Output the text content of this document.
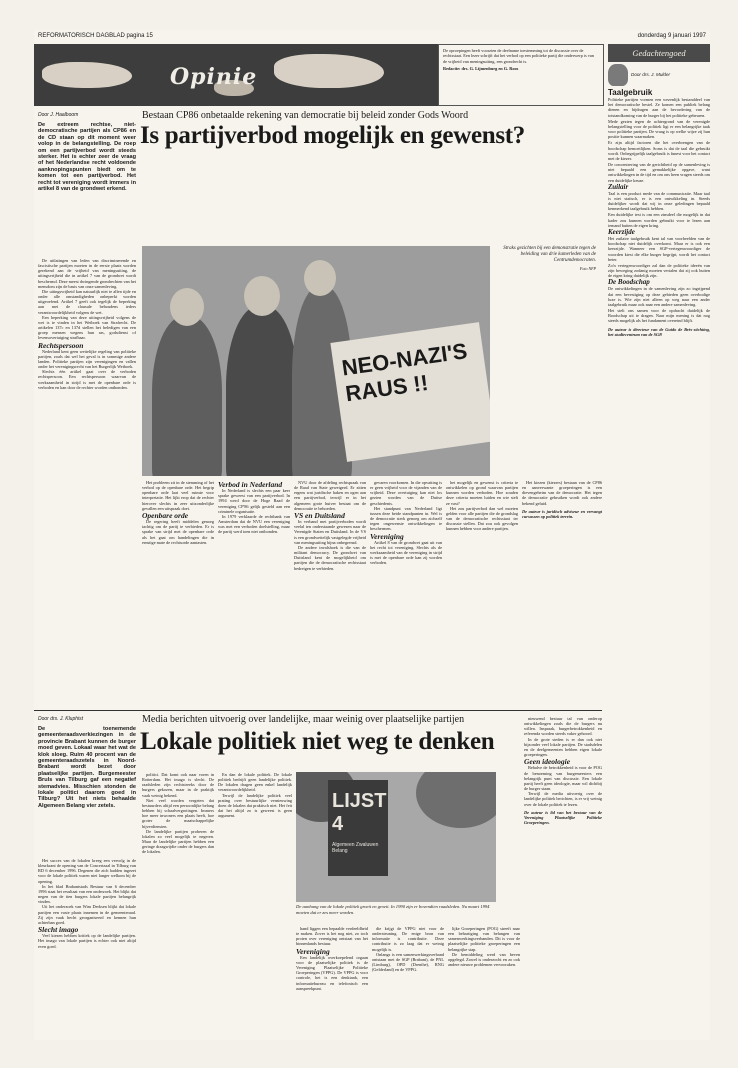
REFORMATORISCH DAGBLAD pagina 15	donderdag 9 januari 1997
Opinie
De oproepingen heeft voorzien de deelname toestemming tot de discussie over de rechtsstaat. Een lezer schrijft dat het verbod op een politieke partij die onderwerp is van de vrijheid van meningsuiting, een grondrecht is.
Redactie: drs. G. Lijmenburg en G. Roos
Gedachtengoed
Door J. Haalboom	Bestaan CP86 onbetaalde rekening van democratie bij beleid zonder Gods Woord
Is partijverbod mogelijk en gewenst?
De extreem rechtse, niet-democratische partijen als CP86 en de CD staan op dit moment weer volop in de belangstelling. De roep om een partijverbod wordt steeds sterker. Het is echter zeer de vraag of het Nederlandse recht voldoende aanknopingspunten biedt om te komen tot een partijverbod. Het recht tot vereniging wordt immers in artikel 8 van de grondwet erkend.

De uitlatingen van leden van discriminerende en fascistische partijen moeten in de eerste plaats worden gerekend aan de vrijheid van meningsuiting, de uitingsvrijheid die in artikel 7 van de grondwet wordt beschermd. Deze meest dwingende grondrechten van het mensdom zijn de basis van onze samenleving.

Die uitingsvrijheid kan natuurlijk niet te allen tijde en onder alle omstandigheden onbeperkt worden uitgeoefend. Artikel 7 geeft ook tegelijk de beperking aan met de clausule behoudens ieders verantwoordelijkheid volgens de wet.

Een beperking van deze uitingsvrijheid volgens de wet is te vinden in het Wetboek van Strafrecht. De artikelen 137c en 137d stellen het beledigen van een groep mensen wegens hun ras, godsdienst of levensovertuiging strafbaar.

Rechtspersoon

Nederland kent geen wettelijke regeling van politieke partijen, zoals dat wel het geval is in sommige andere landen. Politieke partijen zijn verenigingen en vallen onder het verenigingsrecht van het Burgerlijk Wetboek.

Slechts één artikel gaat over de verboden rechtspersoon. Een rechtspersoon waarvan de werkzaamheid in strijd is met de openbare orde is verboden en kan door de rechter worden ontbonden.

NEO-NAZI'S RAUS !!
Straks gezichten bij een demonstratie tegen de beleiding van drie kamerleden van de Centrumdemocraten.
Foto NFP

Het probleem zit in de stemming of het verbod op de openbare orde. Het begrip openbare orde laat veel ruimte voor interpretatie. Het lijkt erop dat de rechter hierover slechts in zeer uitzonderlijke gevallen een uitspraak doet.

Openbare orde

De regering heeft middelen genoeg tachtig om de partij te verbieden. Er is sprake van strijd met de openbare orde als het gaat om handelingen die in ernstige mate de rechtsorde aantasten.

Verbod in Nederland

In Nederland is slechts een paar keer sprake geweest van een partijverbod. In 1994 werd door de Hoge Raad de vereniging CP'86 gelijk gesteld aan een criminele organisatie.

In 1979 verklaarde de rechtbank van Amsterdam dat de NVU een vereniging was met een verboden doelstelling, maar de partij werd toen niet ontbonden.

NVU door de afdeling rechtspraak van de Raad van State geweigerd. Er zitten ergens wat juridische haken en ogen aan een partijverbod, terwijl er in het algemeen grote huiver bestaat om de democratie te behoeden.

VS en Duitsland

In verband met partijverboden wordt veelal ten onderstaande gewezen naar de Verenigde Staten en Duitsland. In de VS is een grondwettelijk vastgelegde vrijheid van meningsuiting bijna onbegrensd.

De andere invalshoek is die van de militant democracy. De grondwet van Duitsland kent de mogelijkheid om partijen die de democratische rechtsstaat bedreigen te verbieden.

gevaren voorkomen. In die opvatting is er geen vrijheid voor de vijanden van de vrijheid. Deze overtuiging kan niet los gezien worden van de Duitse geschiedenis.

Het standpunt van Nederland ligt tussen deze beide standpunten in. Wel is de democratie sterk genoeg om zichzelf tegen ongewenste ontwikkelingen te beschermen.

Vereniging

Artikel 8 van de grondwet gaat uit van het recht tot vereniging. Slechts als de werkzaamheid van de vereniging in strijd is met de openbare orde kan zij worden verboden.

het mogelijk en gewenst is criteria te ontwikkelen op grond waarvan partijen kunnen worden verboden. Hoe zouden deze criteria moeten luiden en wie stelt ze vast?

Het zou partijverbod dan wel moeten gelden voor alle partijen die de grondslag van de democratische rechtsstaat ter discussie stellen. Dat zou ook gevolgen kunnen hebben voor andere partijen.

Het kiezen (kiezers) bestaan van de CP86 en aanverwante groeperingen is een dievengeheim van de democratie. Het tegen de democratie gebruiken wordt ook andere bekend geluid.

De auteur is juridisch adviseur en vervangt cursussen op politiek terrein.

Door drs. J. Kluphist	Media berichten uitvoerig over landelijke, maar weinig over plaatselijke partijen
Lokale politiek niet weg te denken
De toenemende gemeenteraadsverkiezingen in de provincie Brabant kunnen de burger moed geven. Lokaal waar het wat de klok sloeg. Ruim 40 procent van de gemeenteraadszetels in Noord-Brabant wordt bezet door plaatselijke partijen. Burgemeester Bruls van Tilburg gaf een negatief stemadvies. Misschien stonden de lokale politici daarom goed in Tilburg? Uit het niets behaalde Algemeen Belang vier zetels.

Het succes van de lokalen kreeg een vervolg in de kleurkrant de opening van de Concertzaal in Tilburg van RD 6 december 1996. Degenen die zich hadden ingezet voor de lokale politiek waren niet langer welkom bij de opening.

In het blad Brabantstads Bestuur van 6 december 1996 staat het resultaat van een onderzoek. Het blijkt dat negen van de tien burgers lokale partijen belangrijk vinden.

Uit het onderzoek van Wim Derksen blijkt dat lokale partijen een vaste plaats innemen in de gemeenteraad. Zij zijn vaak hecht georganiseerd en kennen hun achterban goed.

Slecht imago

Veel kiezen hebben kritiek op de landelijke partijen. Het imago van lokale partijen is echter ook niet altijd even goed.

politici. Dat komt ook naar voren in Rotterdam. Het imago is slecht. De raadsleden zijn rechtstreeks door de burgers gekozen, maar in de praktijk vaak weinig bekend.

Niet veel worden vergeten dat bestuurders altijd een persoonlijke belang hebben bij schaalvergrotingen. Immers hoe meer inwoners een plaats heeft, hoe groter de maatschappelijke bijverdiensten.

De landelijke partijen proberen de lokalen zo veel mogelijk te negeren. Maar de landelijke partijen hebben een geringe draagwijdte onder de burgers dan de lokalen.

En dan de lokale politiek. De lokale politiek bedrijft geen landelijke politiek. De lokalen dragen geen enkel landelijk verantwoordelijkheid.

Terwijl de landelijke politiek veel prating over bestuurlijke vernieuwing doen de lokalen dat praktisch niet. Het feit dat het altijd zo is geweest is geen argument.

LIJST 4
Algemeen Zwaluwen Belang
De aanhang van de lokale politiek groeit en groeit. In 1990 zijn er bovendien raadsleden. Nu maart 1994 moeten dat er zes meer worden.

hand liggen een bepaalde verdeeldheid te maken. Zover is het nog niet, zo toch proten over vereniging ontstaat van het binnenlands bestuur.

Vereniging

Een landelijk overkoepelend orgaan voor de plaatselijke politiek is de Vereniging Plaatselijke Politieke Groeperingen (VPPG). De VPPG is voor controle, het is een denktank, een informatiebureau en telefonisch een aanspreekpunt.

die krijgt de VPPG niet voor de ondersteuning. De enige bron van informatie is contributie. Deze contributie is zo laag dat er weinig mogelijk is.

Onlangs is een samenwerkingsverband ontstaan met de SGP (Brabant), de PNL (Limburg), OPD (Drenthe), RNG (Gelderland) en de VPPG.

lijke Groeperingen (POG) streeft naar een behartiging van belangen van samenwerkingsverbanden. Dit is voor de plaatselijke politieke groeperingen een belangrijke stap.

De bemiddeling werd van beven opgelegd. Zowel is onderzocht en zo ook andere nieuwe problemen vervooraken.

nieuwend bestuur tal van onderop ontwikkelingen zoals die de burgers nu willen. Inspraak, burgerbetrokkenheid en referenda worden steeds vaker gehoord.

In de grote steden is er dan ook niet bijzonder veel lokale partijen. De stadsdelen en de deelgemeenten hebben eigen lokale groeperingen.

Geen ideologie

Behalve de betrokkenheid is voor de POG de benoeming van burgemeesters een belangrijk punt van discussie. Een lokale partij heeft geen ideologie, maar wil dichtbij de burger staan.

Terwijl de media uitvoerig over de landelijke politiek berichten, is er vrij weinig over de lokale politiek te lezen.

De auteur is lid van het bestuur van de Vereniging Plaatselijke Politieke Groeperingen.

Door drs. J. Mulder
Taalgebruik

Politieke partijen vormen een wezenlijk bestanddeel van het democratische bestel. Ze komen een publiek belang dienen en bijdragen aan de bevordering van de totstandkoming van de burger bij het politieke gebeuren.

Mede gezien tegen de achtergrond van de verenigde belangstelling voor de politiek ligt er een belangrijke taak voor politieke partijen. De vraag is op welke wijze zij hun positie kunnen waarmaken.

Er zijn altijd factoren die het overbrengen van de boodschap bemoeilijken. Soms is dat de taal die gebruikt wordt. Onbegrijpelijk taalgebruik is funest voor het contact met de kiezer.

De concentrering van de gerichtheid op de samenleving is niet bepaald een gemakkelijke opgave, want ontwikkelingen in de tijd en om ons heen vragen steeds om een duidelijke keuze.

Zuilair

Taal is een product mede van de communicatie. Maar taal is niet statisch, er is een ontwikkeling in. Steeds duidelijker wordt dat wij in onze geledingen bepaald kenmerkend taalgebruik hebben.

Een duidelijke test is om een zinsdeel die mogelijk in dat kader zou kunnen worden gebruikt voor te lezen aan iemand buiten de eigen kring.

Keerzijde

Het zuilaire taalgebruik kent tal van voorbeelden van de boodschap niet duidelijk overkomt. Maar er is ook een keerzijde. Wanneer een SGP-vertegenwoordiger de woorden kiest die elke burger begrijpt, wordt het contact beter.

Zo'n vertegenwoordiger zal dan de politieke ideeën van zijn beweging zodanig moeten vertalen dat zij ook buiten de eigen kring duidelijk zijn.

De Boodschap

De ontwikkelingen in de samenleving zijn zo ingrijpend dat een bevestiging op deze gebieden geen overbodige luxe is. Wie zijn niet alleen op weg naar een ander taalgebruik maar ook naar een andere samenleving.

Het stelt ons samen voor de opdracht duidelijk de Boodschap uit te dragen. Naar mijn mening is dat nog steeds mogelijk als het fundament overeind blijft.

De auteur is directeur van de Guido de Brès-stichting, het studiecentrum van de SGP.
